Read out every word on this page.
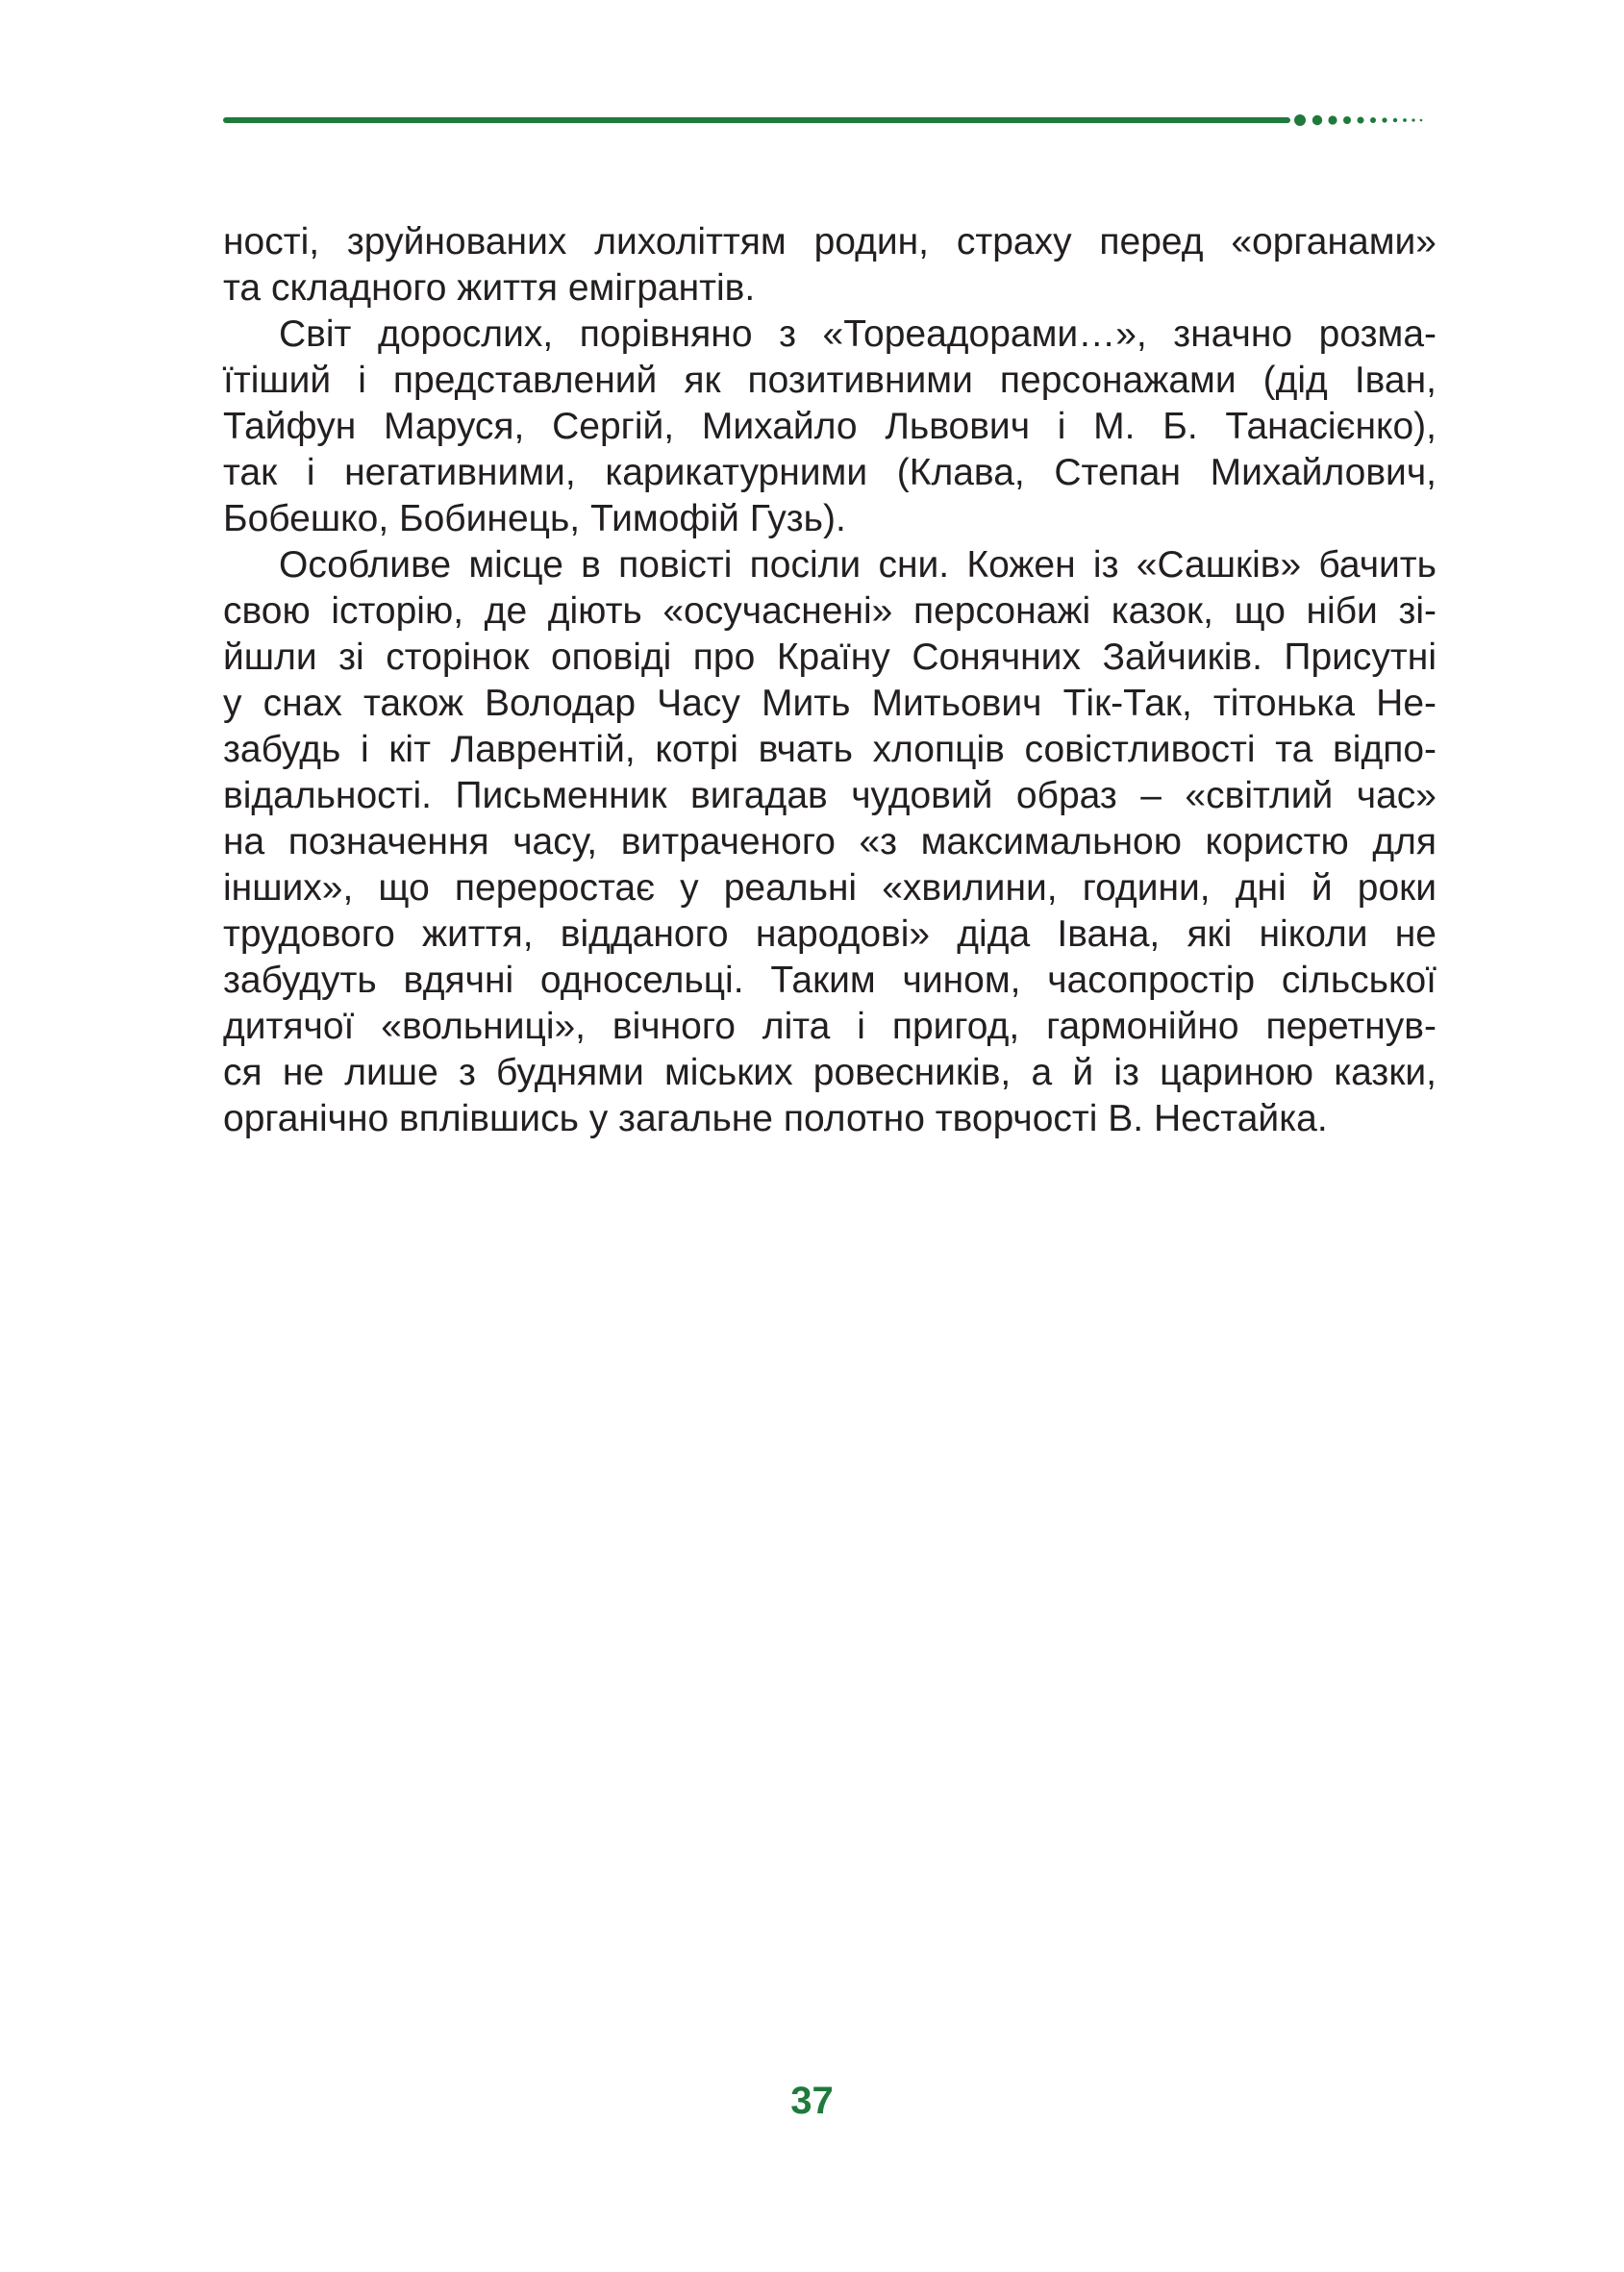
ності, зруйнованих лихоліттям родин, страху перед «органами»
та складного життя емігрантів.
Світ дорослих, порівняно з «Тореадорами…», значно розма-
їтіший і представлений як позитивними персонажами (дід Іван,
Тайфун Маруся, Сергій, Михайло Львович і М. Б. Танасієнко),
так і негативними, карикатурними (Клава, Степан Михайлович,
Бобешко, Бобинець, Тимофій Гузь).
Особливе місце в повісті посіли сни. Кожен із «Сашків» бачить
свою історію, де діють «осучаснені» персонажі казок, що ніби зі-
йшли зі сторінок оповіді про Країну Сонячних Зайчиків. Присутні
у снах також Володар Часу Мить Митьович Тік-Так, тітонька Не-
забудь і кіт Лаврентій, котрі вчать хлопців совістливості та відпо-
відальності. Письменник вигадав чудовий образ – «світлий час»
на позначення часу, витраченого «з максимальною користю для
інших», що переростає у реальні «хвилини, години, дні й роки
трудового життя, відданого народові» діда Івана, які ніколи не
забудуть вдячні односельці. Таким чином, часопростір сільської
дитячої «вольниці», вічного літа і пригод, гармонійно перетнув-
ся не лише з буднями міських ровесників, а й із цариною казки,
органічно вплівшись у загальне полотно творчості В. Нестайка.
37
